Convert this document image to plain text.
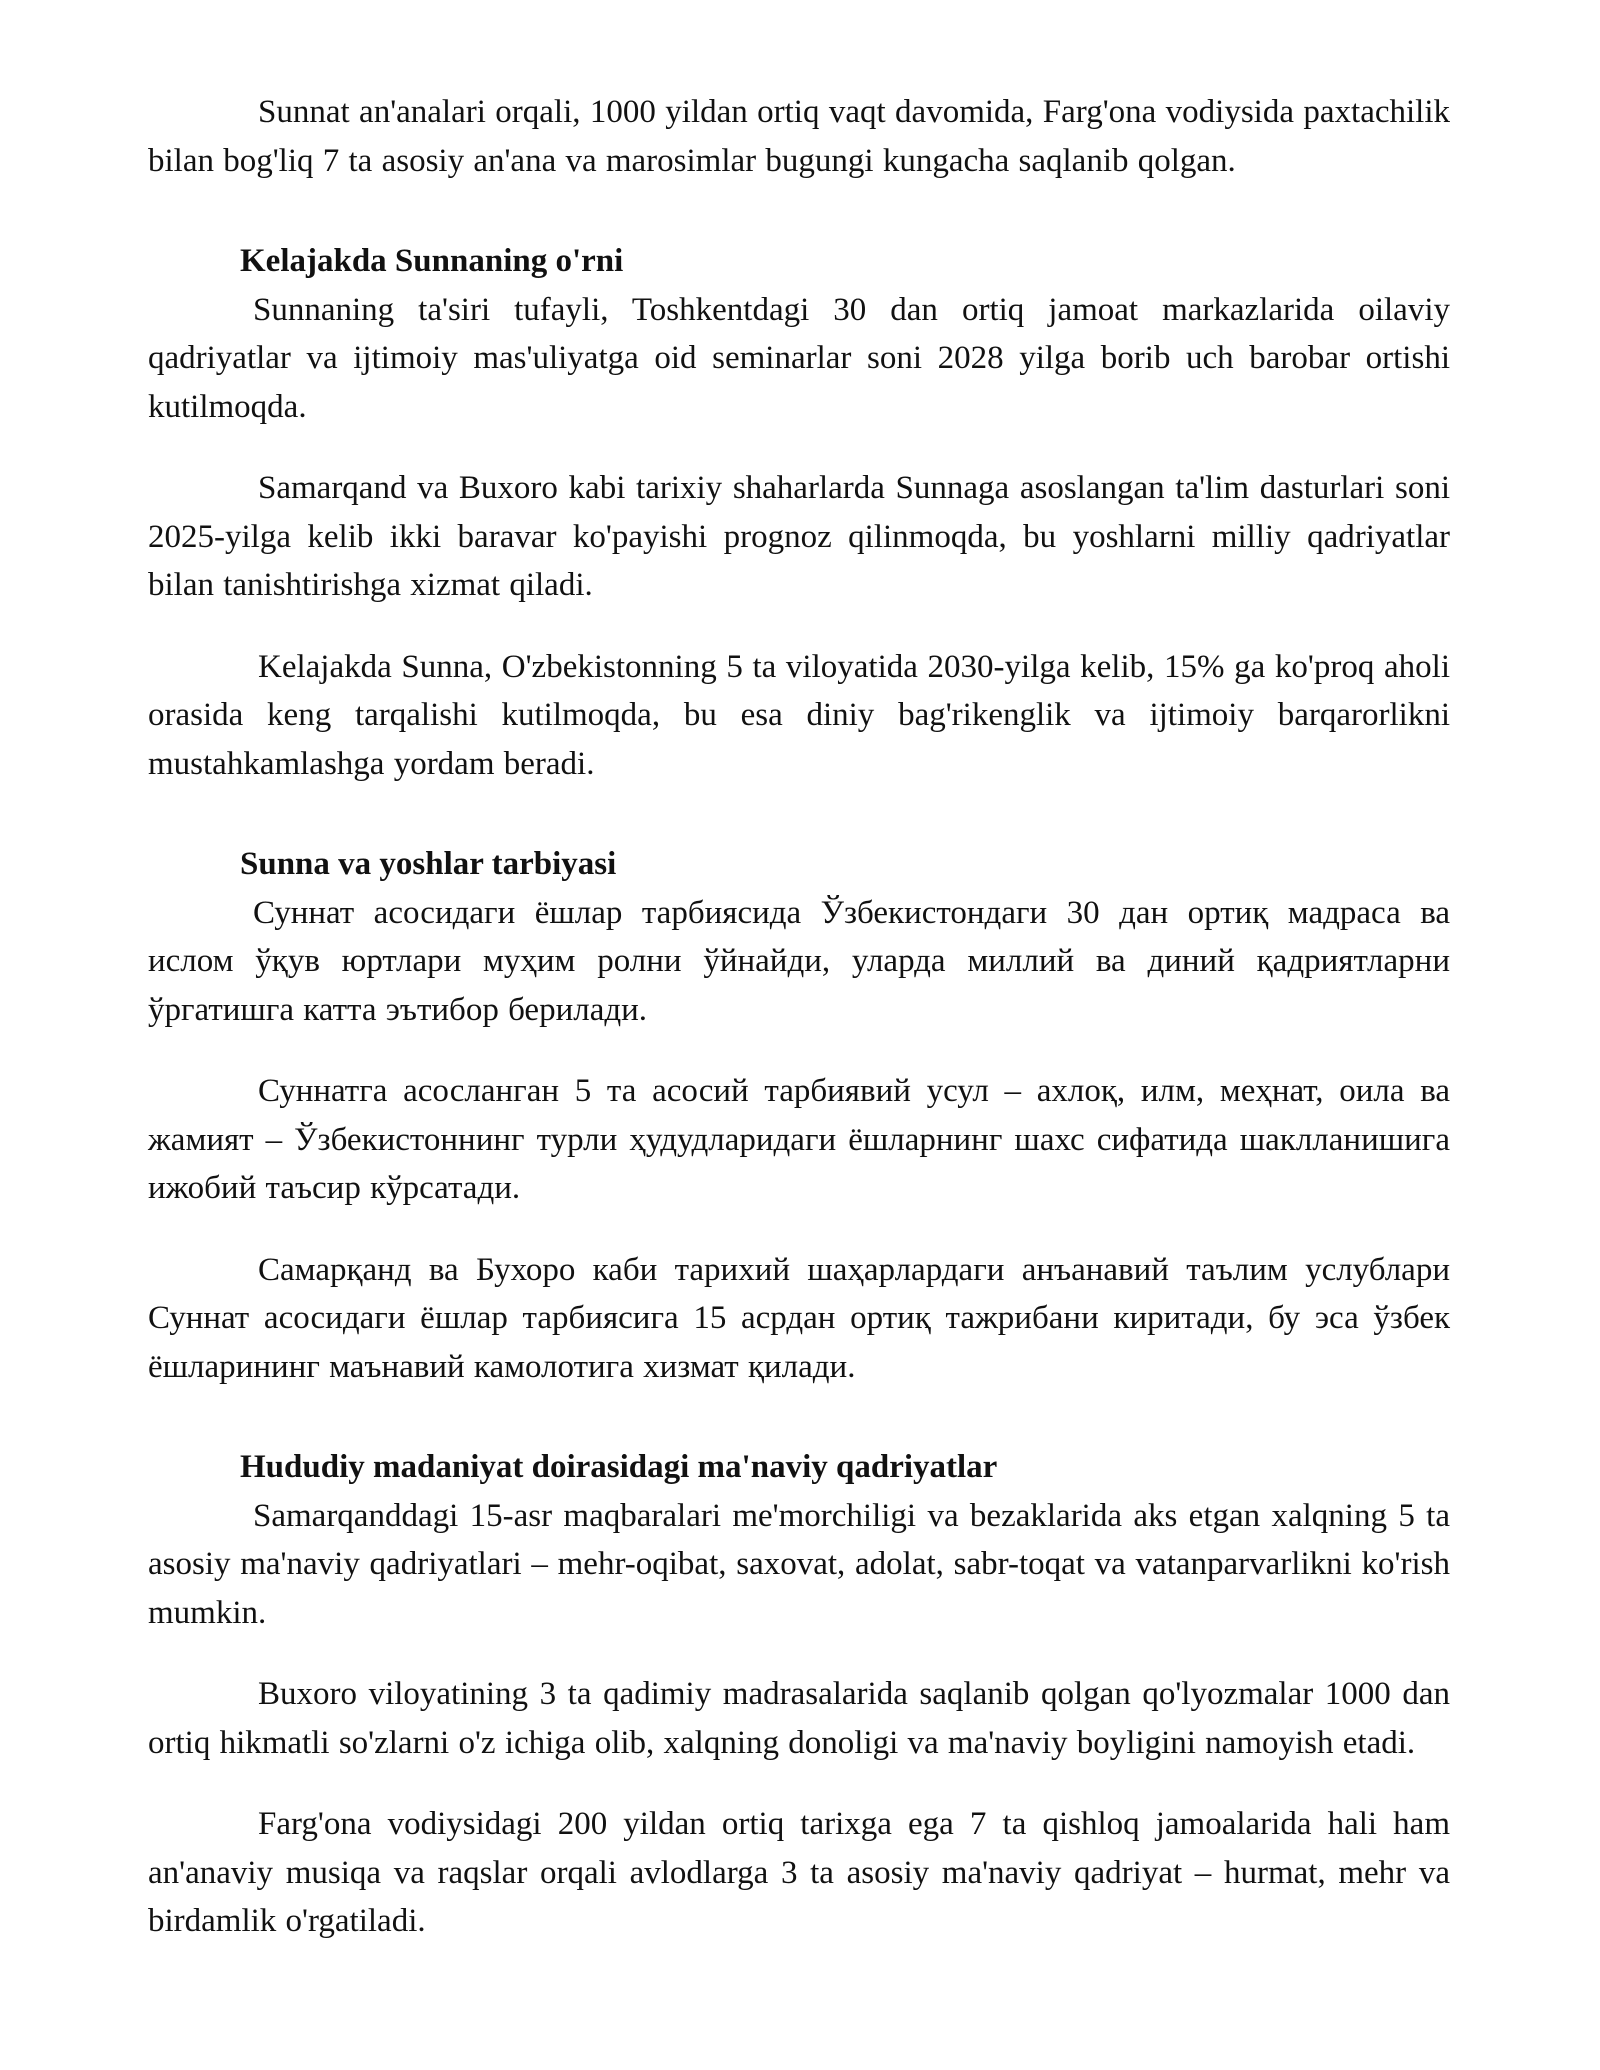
Sunnat an'analari orqali, 1000 yildan ortiq vaqt davomida, Farg'ona vodiysida paxtachilik bilan bog'liq 7 ta asosiy an'ana va marosimlar bugungi kungacha saqlanib qolgan.

Kelajakda Sunnaning o'rni

Sunnaning ta'siri tufayli, Toshkentdagi 30 dan ortiq jamoat markazlarida oilaviy qadriyatlar va ijtimoiy mas'uliyatga oid seminarlar soni 2028 yilga borib uch barobar ortishi kutilmoqda.

Samarqand va Buxoro kabi tarixiy shaharlarda Sunnaga asoslangan ta'lim dasturlari soni 2025-yilga kelib ikki baravar ko'payishi prognoz qilinmoqda, bu yoshlarni milliy qadriyatlar bilan tanishtirishga xizmat qiladi.

Kelajakda Sunna, O'zbekistonning 5 ta viloyatida 2030-yilga kelib, 15% ga ko'proq aholi orasida keng tarqalishi kutilmoqda, bu esa diniy bag'rikenglik va ijtimoiy barqarorlikni mustahkamlashga yordam beradi.

Sunna va yoshlar tarbiyasi

Суннат асосидаги ёшлар тарбиясида Ўзбекистондаги 30 дан ортиқ мадраса ва ислом ўқув юртлари муҳим ролни ўйнайди, уларда миллий ва диний қадриятларни ўргатишга катта эътибор берилади.

Суннатга асосланган 5 та асосий тарбиявий усул – ахлоқ, илм, меҳнат, оила ва жамият – Ўзбекистоннинг турли ҳудудларидаги ёшларнинг шахс сифатида шаклланишига ижобий таъсир кўрсатади.

Самарқанд ва Бухоро каби тарихий шаҳарлардаги анъанавий таълим услублари Суннат асосидаги ёшлар тарбиясига 15 асрдан ортиқ тажрибани киритади, бу эса ўзбек ёшларининг маънавий камолотига хизмат қилади.

Hududiy madaniyat doirasidagi ma'naviy qadriyatlar

Samarqanddagi 15-asr maqbaralari me'morchiligi va bezaklarida aks etgan xalqning 5 ta asosiy ma'naviy qadriyatlari – mehr-oqibat, saxovat, adolat, sabr-toqat va vatanparvarlikni ko'rish mumkin.

Buxoro viloyatining 3 ta qadimiy madrasalarida saqlanib qolgan qo'lyozmalar 1000 dan ortiq hikmatli so'zlarni o'z ichiga olib, xalqning donoligi va ma'naviy boyligini namoyish etadi.

Farg'ona vodiysidagi 200 yildan ortiq tarixga ega 7 ta qishloq jamoalarida hali ham an'anaviy musiqa va raqslar orqali avlodlarga 3 ta asosiy ma'naviy qadriyat – hurmat, mehr va birdamlik o'rgatiladi.
